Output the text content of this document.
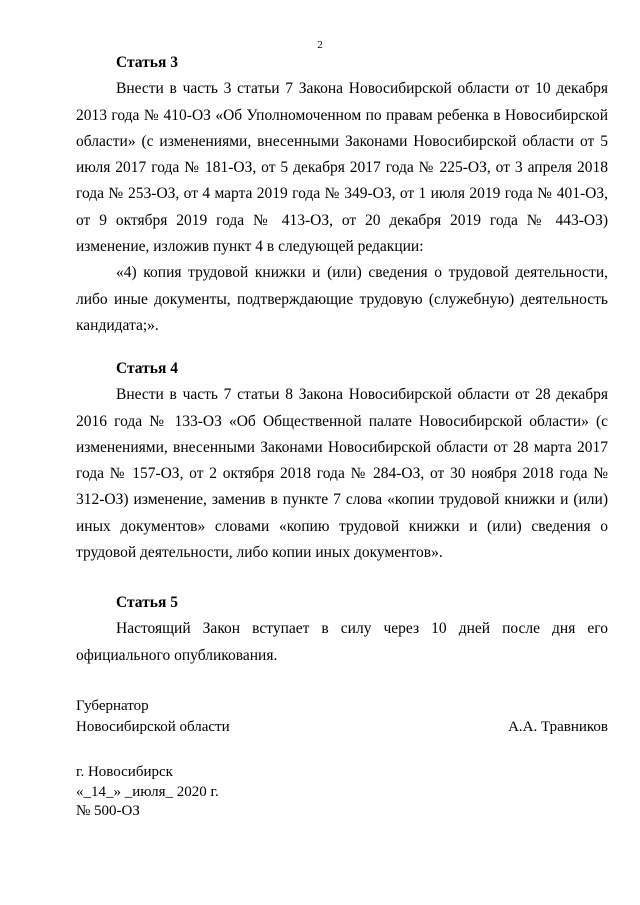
2

Статья 3

Внести в часть 3 статьи 7 Закона Новосибирской области от 10 декабря 2013 года № 410-ОЗ «Об Уполномоченном по правам ребенка в Новосибирской области» (с изменениями, внесенными Законами Новосибирской области от 5 июля 2017 года № 181-ОЗ, от 5 декабря 2017 года № 225-ОЗ, от 3 апреля 2018 года № 253-ОЗ, от 4 марта 2019 года № 349-ОЗ, от 1 июля 2019 года № 401-ОЗ, от 9 октября 2019 года № 413-ОЗ, от 20 декабря 2019 года № 443-ОЗ) изменение, изложив пункт 4 в следующей редакции:

«4) копия трудовой книжки и (или) сведения о трудовой деятельности, либо иные документы, подтверждающие трудовую (служебную) деятельность кандидата;».

Статья 4

Внести в часть 7 статьи 8 Закона Новосибирской области от 28 декабря 2016 года № 133-ОЗ «Об Общественной палате Новосибирской области» (с изменениями, внесенными Законами Новосибирской области от 28 марта 2017 года № 157-ОЗ, от 2 октября 2018 года № 284-ОЗ, от 30 ноября 2018 года № 312-ОЗ) изменение, заменив в пункте 7 слова «копии трудовой книжки и (или) иных документов» словами «копию трудовой книжки и (или) сведения о трудовой деятельности, либо копии иных документов».

Статья 5

Настоящий Закон вступает в силу через 10 дней после дня его официального опубликования.

Губернатор
Новосибирской области	А.А. Травников
г. Новосибирск
«_14_» _июля_ 2020 г.
№ 500-ОЗ
